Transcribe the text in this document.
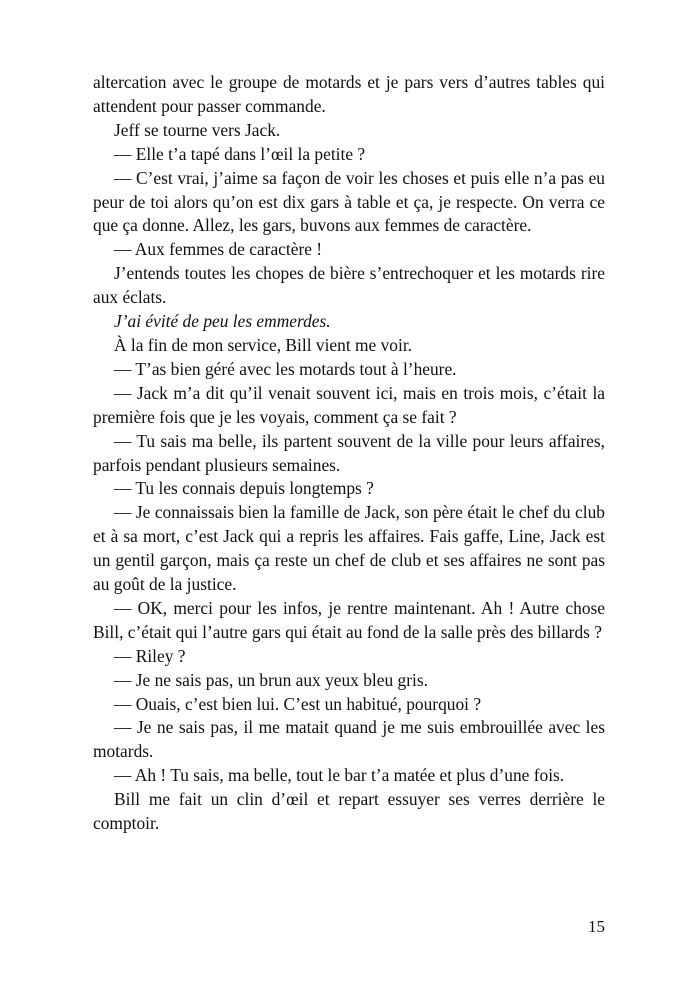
altercation avec le groupe de motards et je pars vers d’autres tables qui attendent pour passer commande.

Jeff se tourne vers Jack.

— Elle t’a tapé dans l’œil la petite ?

— C’est vrai, j’aime sa façon de voir les choses et puis elle n’a pas eu peur de toi alors qu’on est dix gars à table et ça, je respecte. On verra ce que ça donne. Allez, les gars, buvons aux femmes de caractère.

— Aux femmes de caractère !

J’entends toutes les chopes de bière s’entrechoquer et les motards rire aux éclats.

J’ai évité de peu les emmerdes.

À la fin de mon service, Bill vient me voir.

— T’as bien géré avec les motards tout à l’heure.

— Jack m’a dit qu’il venait souvent ici, mais en trois mois, c’était la première fois que je les voyais, comment ça se fait ?

— Tu sais ma belle, ils partent souvent de la ville pour leurs affaires, parfois pendant plusieurs semaines.

— Tu les connais depuis longtemps ?

— Je connaissais bien la famille de Jack, son père était le chef du club et à sa mort, c’est Jack qui a repris les affaires. Fais gaffe, Line, Jack est un gentil garçon, mais ça reste un chef de club et ses affaires ne sont pas au goût de la justice.

— OK, merci pour les infos, je rentre maintenant. Ah ! Autre chose Bill, c’était qui l’autre gars qui était au fond de la salle près des billards ?

— Riley ?

— Je ne sais pas, un brun aux yeux bleu gris.

— Ouais, c’est bien lui. C’est un habitué, pourquoi ?

— Je ne sais pas, il me matait quand je me suis embrouillée avec les motards.

— Ah ! Tu sais, ma belle, tout le bar t’a matée et plus d’une fois.

Bill me fait un clin d’œil et repart essuyer ses verres derrière le comptoir.

15
